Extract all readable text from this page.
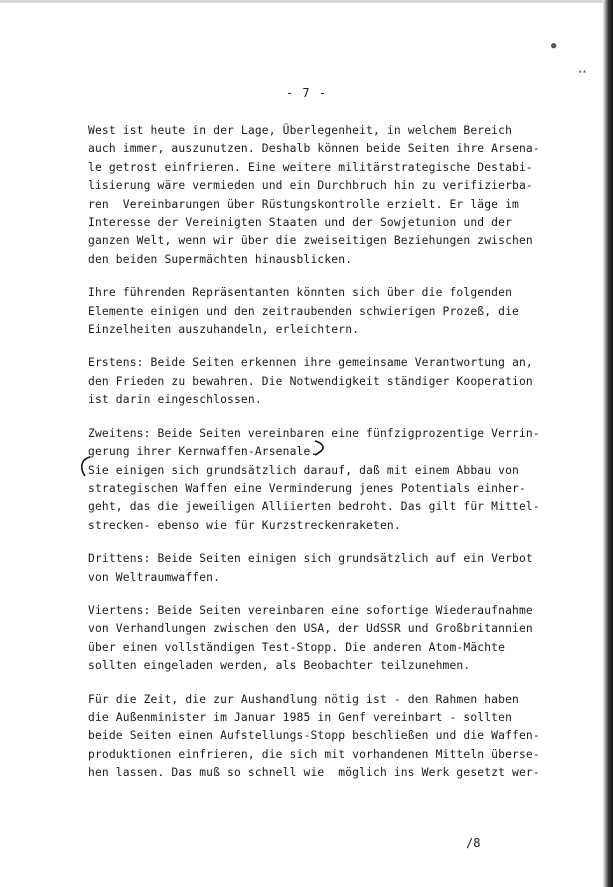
●
▴▴
- 7 -
West ist heute in der Lage, Überlegenheit, in welchem Bereich
auch immer, auszunutzen. Deshalb können beide Seiten ihre Arsena-
le getrost einfrieren. Eine weitere militärstrategische Destabi-
lisierung wäre vermieden und ein Durchbruch hin zu verifizierba-
ren  Vereinbarungen über Rüstungskontrolle erzielt. Er läge im
Interesse der Vereinigten Staaten und der Sowjetunion und der
ganzen Welt, wenn wir über die zweiseitigen Beziehungen zwischen
den beiden Supermächten hinausblicken.
Ihre führenden Repräsentanten könnten sich über die folgenden
Elemente einigen und den zeitraubenden schwierigen Prozeß, die
Einzelheiten auszuhandeln, erleichtern.
Erstens: Beide Seiten erkennen ihre gemeinsame Verantwortung an,
den Frieden zu bewahren. Die Notwendigkeit ständiger Kooperation
ist darin eingeschlossen.
Zweitens: Beide Seiten vereinbaren eine fünfzigprozentige Verrin-
gerung ihrer Kernwaffen-Arsenale.
Sie einigen sich grundsätzlich darauf, daß mit einem Abbau von
strategischen Waffen eine Verminderung jenes Potentials einher-
geht, das die jeweiligen Alliierten bedroht. Das gilt für Mittel-
strecken- ebenso wie für Kurzstreckenraketen.
Drittens: Beide Seiten einigen sich grundsätzlich auf ein Verbot
von Weltraumwaffen.
Viertens: Beide Seiten vereinbaren eine sofortige Wiederaufnahme
von Verhandlungen zwischen den USA, der UdSSR und Großbritannien
über einen vollständigen Test-Stopp. Die anderen Atom-Mächte
sollten eingeladen werden, als Beobachter teilzunehmen.
Für die Zeit, die zur Aushandlung nötig ist - den Rahmen haben
die Außenminister im Januar 1985 in Genf vereinbart - sollten
beide Seiten einen Aufstellungs-Stopp beschließen und die Waffen-
produktionen einfrieren, die sich mit vorhandenen Mitteln überse-
hen lassen. Das muß so schnell wie  möglich ins Werk gesetzt wer-
/8
